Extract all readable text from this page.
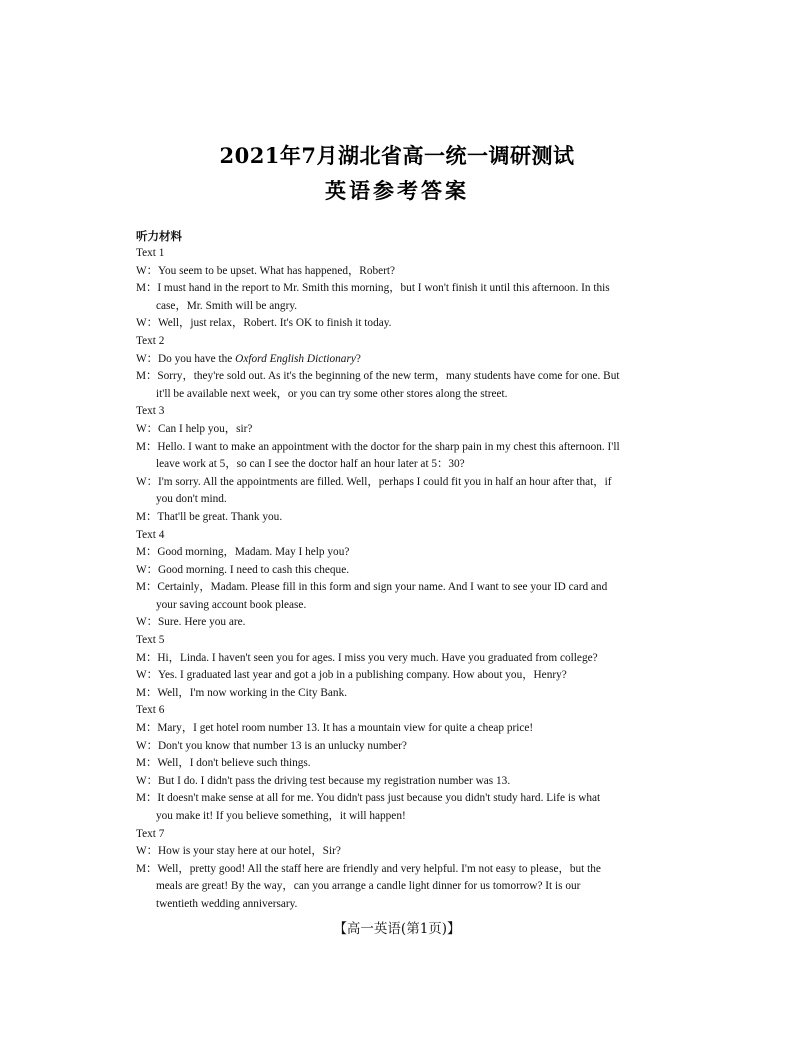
2021年7月湖北省高一统一调研测试
英语参考答案
听力材料
Text 1
W： You seem to be upset. What has happened，Robert?
M： I must hand in the report to Mr. Smith this morning，but I won't finish it until this afternoon. In this
case，Mr. Smith will be angry.
W： Well，just relax，Robert. It's OK to finish it today.
Text 2
W： Do you have the Oxford English Dictionary?
M： Sorry，they're sold out. As it's the beginning of the new term，many students have come for one. But
it'll be available next week，or you can try some other stores along the street.
Text 3
W： Can I help you，sir?
M： Hello. I want to make an appointment with the doctor for the sharp pain in my chest this afternoon. I'll
leave work at 5，so can I see the doctor half an hour later at 5：30?
W： I'm sorry. All the appointments are filled. Well，perhaps I could fit you in half an hour after that，if
you don't mind.
M： That'll be great. Thank you.
Text 4
M： Good morning，Madam. May I help you?
W： Good morning. I need to cash this cheque.
M： Certainly，Madam. Please fill in this form and sign your name. And I want to see your ID card and
your saving account book please.
W： Sure. Here you are.
Text 5
M： Hi，Linda. I haven't seen you for ages. I miss you very much. Have you graduated from college?
W： Yes. I graduated last year and got a job in a publishing company. How about you，Henry?
M： Well，I'm now working in the City Bank.
Text 6
M： Mary，I get hotel room number 13. It has a mountain view for quite a cheap price!
W： Don't you know that number 13 is an unlucky number?
M： Well，I don't believe such things.
W： But I do. I didn't pass the driving test because my registration number was 13.
M： It doesn't make sense at all for me. You didn't pass just because you didn't study hard. Life is what
you make it! If you believe something，it will happen!
Text 7
W： How is your stay here at our hotel，Sir?
M： Well，pretty good! All the staff here are friendly and very helpful. I'm not easy to please，but the
meals are great! By the way，can you arrange a candle light dinner for us tomorrow? It is our
twentieth wedding anniversary.
【高一英语(第1页)】
